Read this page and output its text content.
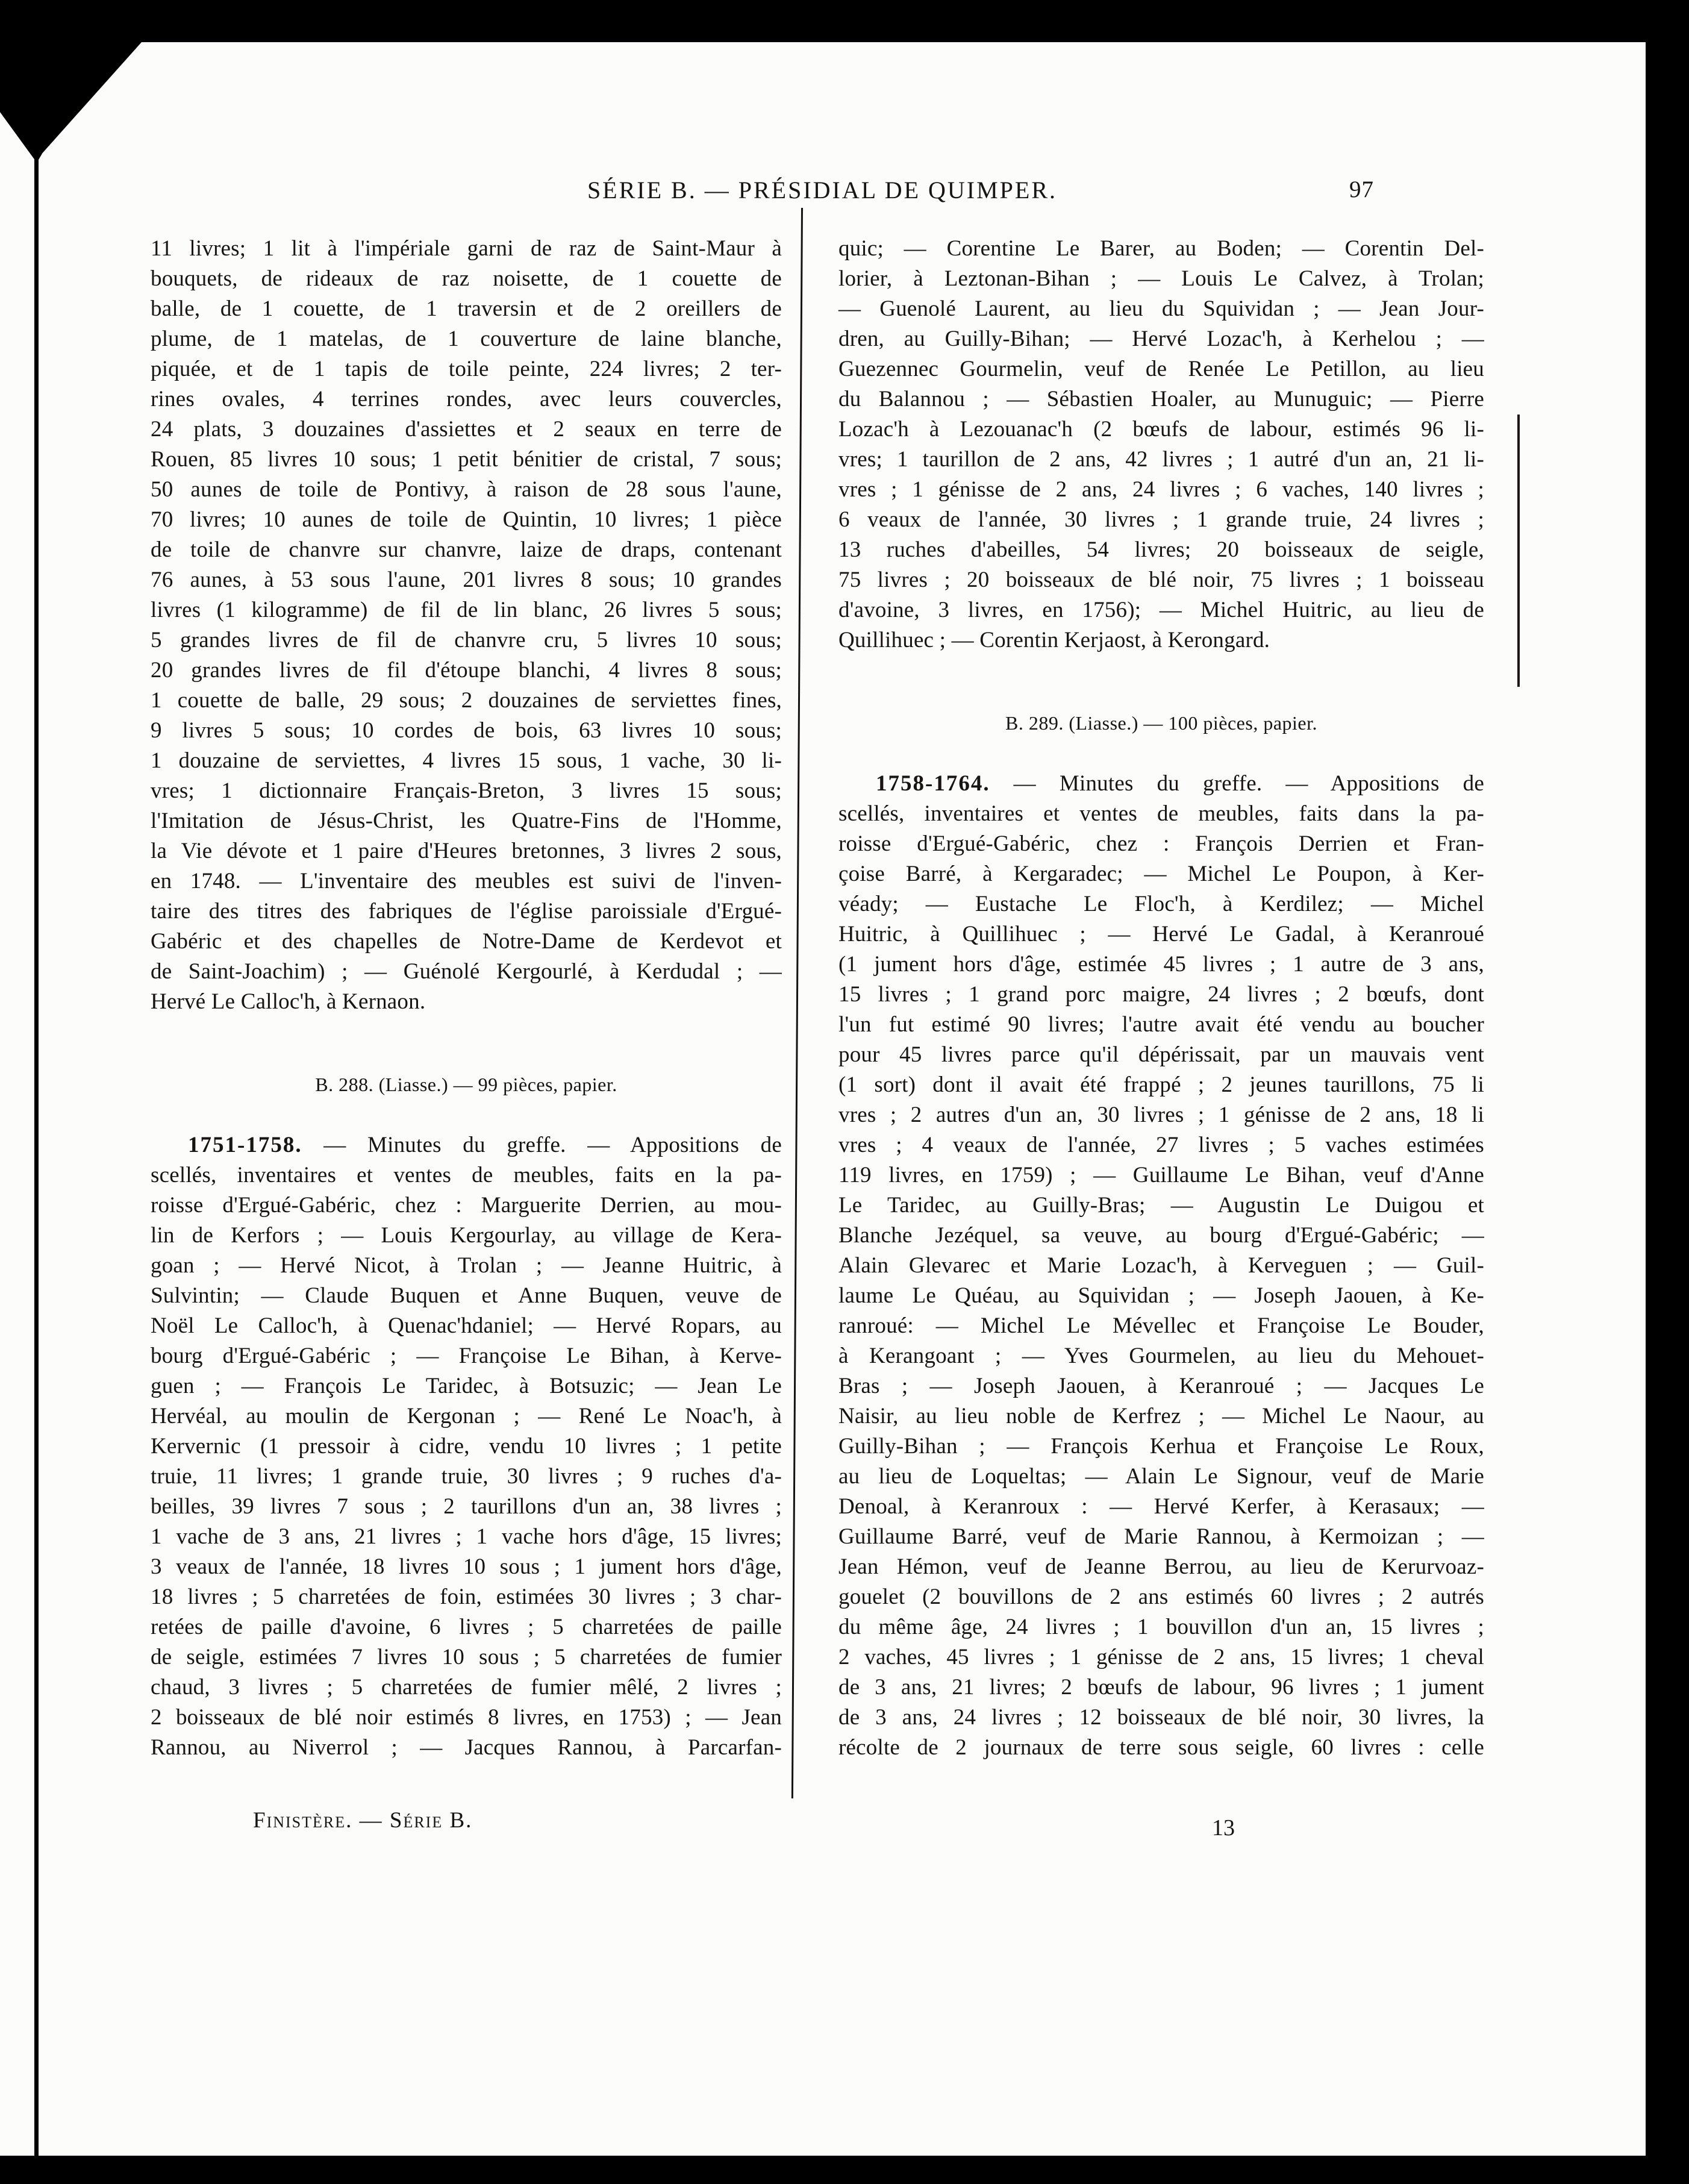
SÉRIE B. — PRÉSIDIAL DE QUIMPER.	97
11 livres; 1 lit à l'impériale garni de raz de Saint-Maur à
bouquets, de rideaux de raz noisette, de 1 couette de
balle, de 1 couette, de 1 traversin et de 2 oreillers de
plume, de 1 matelas, de 1 couverture de laine blanche,
piquée, et de 1 tapis de toile peinte, 224 livres; 2 ter-
rines ovales, 4 terrines rondes, avec leurs couvercles,
24 plats, 3 douzaines d'assiettes et 2 seaux en terre de
Rouen, 85 livres 10 sous; 1 petit bénitier de cristal, 7 sous;
50 aunes de toile de Pontivy, à raison de 28 sous l'aune,
70 livres; 10 aunes de toile de Quintin, 10 livres; 1 pièce
de toile de chanvre sur chanvre, laize de draps, contenant
76 aunes, à 53 sous l'aune, 201 livres 8 sous; 10 grandes
livres (1 kilogramme) de fil de lin blanc, 26 livres 5 sous;
5 grandes livres de fil de chanvre cru, 5 livres 10 sous;
20 grandes livres de fil d'étoupe blanchi, 4 livres 8 sous;
1 couette de balle, 29 sous; 2 douzaines de serviettes fines,
9 livres 5 sous; 10 cordes de bois, 63 livres 10 sous;
1 douzaine de serviettes, 4 livres 15 sous, 1 vache, 30 li-
vres; 1 dictionnaire Français-Breton, 3 livres 15 sous;
l'Imitation de Jésus-Christ, les Quatre-Fins de l'Homme,
la Vie dévote et 1 paire d'Heures bretonnes, 3 livres 2 sous,
en 1748. — L'inventaire des meubles est suivi de l'inven-
taire des titres des fabriques de l'église paroissiale d'Ergué-
Gabéric et des chapelles de Notre-Dame de Kerdevot et
de Saint-Joachim) ; — Guénolé Kergourlé, à Kerdudal ; —
Hervé Le Calloc'h, à Kernaon.
B. 288. (Liasse.) — 99 pièces, papier.
1751-1758. — Minutes du greffe. — Appositions de
scellés, inventaires et ventes de meubles, faits en la pa-
roisse d'Ergué-Gabéric, chez : Marguerite Derrien, au mou-
lin de Kerfors ; — Louis Kergourlay, au village de Kera-
goan ; — Hervé Nicot, à Trolan ; — Jeanne Huitric, à
Sulvintin; — Claude Buquen et Anne Buquen, veuve de
Noël Le Calloc'h, à Quenac'hdaniel; — Hervé Ropars, au
bourg d'Ergué-Gabéric ; — Françoise Le Bihan, à Kerve-
guen ; — François Le Taridec, à Botsuzic; — Jean Le
Hervéal, au moulin de Kergonan ; — René Le Noac'h, à
Kervernic (1 pressoir à cidre, vendu 10 livres ; 1 petite
truie, 11 livres; 1 grande truie, 30 livres ; 9 ruches d'a-
beilles, 39 livres 7 sous ; 2 taurillons d'un an, 38 livres ;
1 vache de 3 ans, 21 livres ; 1 vache hors d'âge, 15 livres;
3 veaux de l'année, 18 livres 10 sous ; 1 jument hors d'âge,
18 livres ; 5 charretées de foin, estimées 30 livres ; 3 char-
retées de paille d'avoine, 6 livres ; 5 charretées de paille
de seigle, estimées 7 livres 10 sous ; 5 charretées de fumier
chaud, 3 livres ; 5 charretées de fumier mêlé, 2 livres ;
2 boisseaux de blé noir estimés 8 livres, en 1753) ; — Jean
Rannou, au Niverrol ; — Jacques Rannou, à Parcarfan-
quic; — Corentine Le Barer, au Boden; — Corentin Del-
lorier, à Leztonan-Bihan ; — Louis Le Calvez, à Trolan;
— Guenolé Laurent, au lieu du Squividan ; — Jean Jour-
dren, au Guilly-Bihan; — Hervé Lozac'h, à Kerhelou ; —
Guezennec Gourmelin, veuf de Renée Le Petillon, au lieu
du Balannou ; — Sébastien Hoaler, au Munuguic; — Pierre
Lozac'h à Lezouanac'h (2 bœufs de labour, estimés 96 li-
vres; 1 taurillon de 2 ans, 42 livres ; 1 autré d'un an, 21 li-
vres ; 1 génisse de 2 ans, 24 livres ; 6 vaches, 140 livres ;
6 veaux de l'année, 30 livres ; 1 grande truie, 24 livres ;
13 ruches d'abeilles, 54 livres; 20 boisseaux de seigle,
75 livres ; 20 boisseaux de blé noir, 75 livres ; 1 boisseau
d'avoine, 3 livres, en 1756); — Michel Huitric, au lieu de
Quillihuec ; — Corentin Kerjaost, à Kerongard.
B. 289. (Liasse.) — 100 pièces, papier.
1758-1764. — Minutes du greffe. — Appositions de
scellés, inventaires et ventes de meubles, faits dans la pa-
roisse d'Ergué-Gabéric, chez : François Derrien et Fran-
çoise Barré, à Kergaradec; — Michel Le Poupon, à Ker-
véady; — Eustache Le Floc'h, à Kerdilez; — Michel
Huitric, à Quillihuec ; — Hervé Le Gadal, à Keranroué
(1 jument hors d'âge, estimée 45 livres ; 1 autre de 3 ans,
15 livres ; 1 grand porc maigre, 24 livres ; 2 bœufs, dont
l'un fut estimé 90 livres; l'autre avait été vendu au boucher
pour 45 livres parce qu'il dépérissait, par un mauvais vent
(1 sort) dont il avait été frappé ; 2 jeunes taurillons, 75 li
vres ; 2 autres d'un an, 30 livres ; 1 génisse de 2 ans, 18 li
vres ; 4 veaux de l'année, 27 livres ; 5 vaches estimées
119 livres, en 1759) ; — Guillaume Le Bihan, veuf d'Anne
Le Taridec, au Guilly-Bras; — Augustin Le Duigou et
Blanche Jezéquel, sa veuve, au bourg d'Ergué-Gabéric; —
Alain Glevarec et Marie Lozac'h, à Kerveguen ; — Guil-
laume Le Quéau, au Squividan ; — Joseph Jaouen, à Ke-
ranroué: — Michel Le Mévellec et Françoise Le Bouder,
à Kerangoant ; — Yves Gourmelen, au lieu du Mehouet-
Bras ; — Joseph Jaouen, à Keranroué ; — Jacques Le
Naisir, au lieu noble de Kerfrez ; — Michel Le Naour, au
Guilly-Bihan ; — François Kerhua et Françoise Le Roux,
au lieu de Loqueltas; — Alain Le Signour, veuf de Marie
Denoal, à Keranroux : — Hervé Kerfer, à Kerasaux; —
Guillaume Barré, veuf de Marie Rannou, à Kermoizan ; —
Jean Hémon, veuf de Jeanne Berrou, au lieu de Kerurvoaz-
gouelet (2 bouvillons de 2 ans estimés 60 livres ; 2 autrés
du même âge, 24 livres ; 1 bouvillon d'un an, 15 livres ;
2 vaches, 45 livres ; 1 génisse de 2 ans, 15 livres; 1 cheval
de 3 ans, 21 livres; 2 bœufs de labour, 96 livres ; 1 jument
de 3 ans, 24 livres ; 12 boisseaux de blé noir, 30 livres, la
récolte de 2 journaux de terre sous seigle, 60 livres : celle
Finistère. — Série B.	13
